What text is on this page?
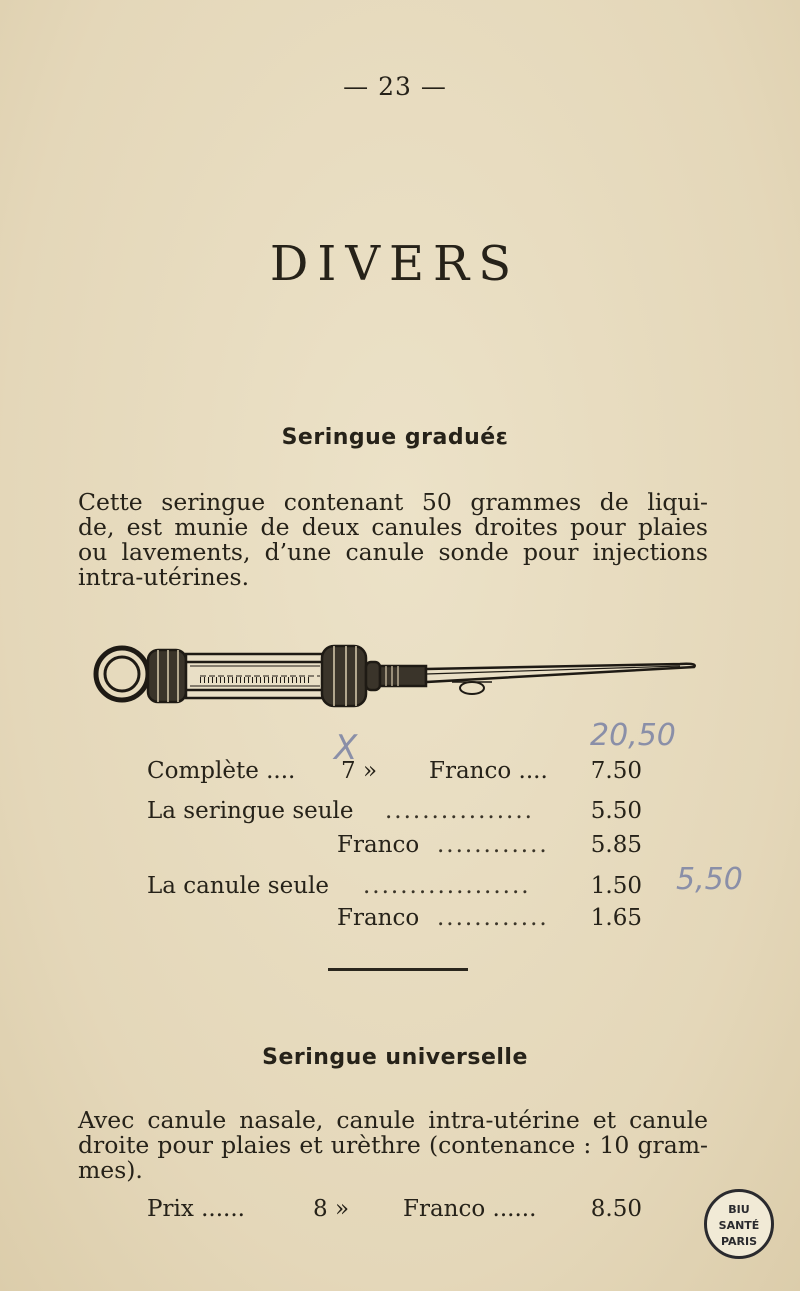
— 23 —
DIVERS
Seringue graduéε
Cette seringue contenant 50 grammes de liqui-
de, est munie de deux canules droites pour plaies
ou lavements, d’une canule sonde pour injections
intra-utérines.
20,50
X
5,50
Complète .... 7 » Franco .... 7.50
La seringue seule ................	5.50
Franco ............	5.85
La canule seule ..................	1.50
Franco ............	1.65
Seringue universelle
Avec canule nasale, canule intra-utérine et canule
droite pour plaies et urèthre (contenance : 10 gram-
mes).
Prix ......	8 » Franco ...... 8.50	BIU
SANTÉ
PARIS
